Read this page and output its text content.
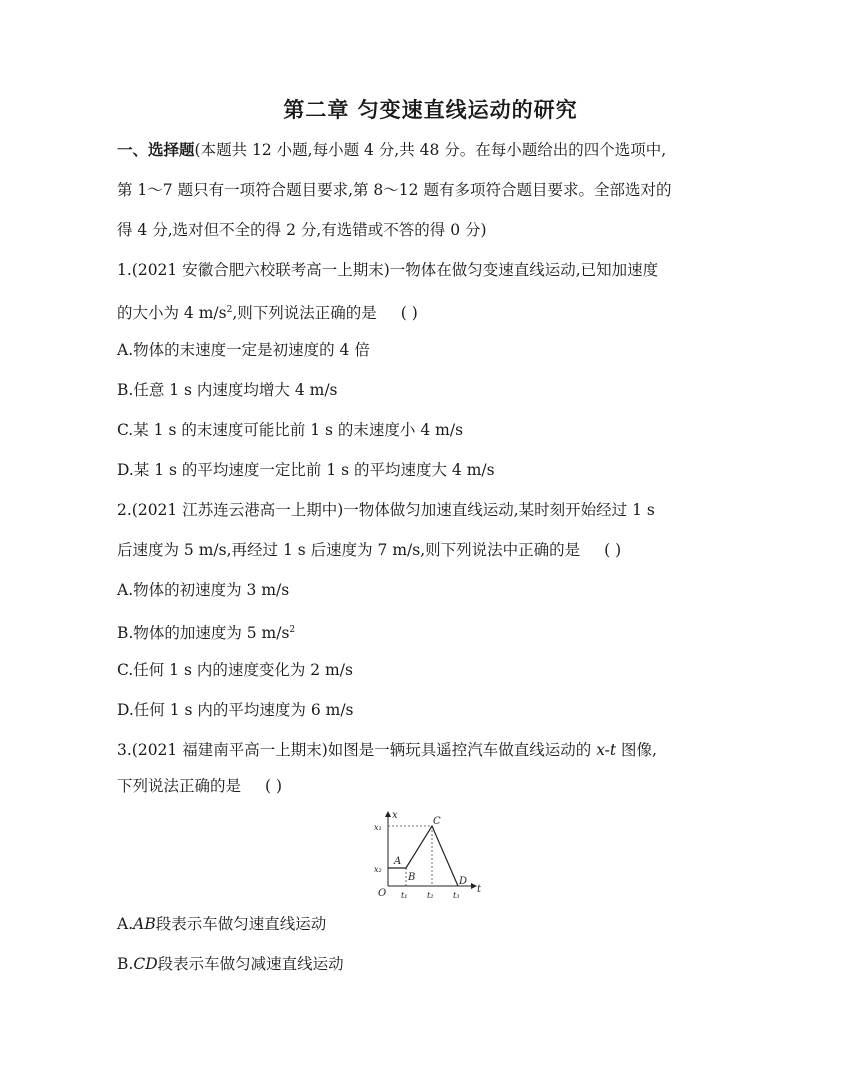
第二章 匀变速直线运动的研究
一、选择题(本题共 12 小题,每小题 4 分,共 48 分。在每小题给出的四个选项中,
第 1～7 题只有一项符合题目要求,第 8～12 题有多项符合题目要求。全部选对的
得 4 分,选对但不全的得 2 分,有选错或不答的得 0 分)
1.(2021 安徽合肥六校联考高一上期末)一物体在做匀变速直线运动,已知加速度
的大小为 4 $m/s^2$,则下列说法正确的是 ( )
A.物体的末速度一定是初速度的 4 倍
B.任意 1 s 内速度均增大 4 m/s
C.某 1 s 的末速度可能比前 1 s 的末速度小 4 m/s
D.某 1 s 的平均速度一定比前 1 s 的平均速度大 4 m/s
2.(2021 江苏连云港高一上期中)一物体做匀加速直线运动,某时刻开始经过 1 s
后速度为 5 m/s,再经过 1 s 后速度为 7 m/s,则下列说法中正确的是 ( )
A.物体的初速度为 3 m/s
B.物体的加速度为 5 $m/s^2$
C.任何 1 s 内的速度变化为 2 m/s
D.任何 1 s 内的平均速度为 6 m/s
3.(2021 福建南平高一上期末)如图是一辆玩具遥控汽车做直线运动的 x-t 图像,
下列说法正确的是 ( )
t
x
O
x₁
x₂
t₁ t₂ t₃
A
B
C
D
A.AB段表示车做匀速直线运动
B.CD段表示车做匀减速直线运动
